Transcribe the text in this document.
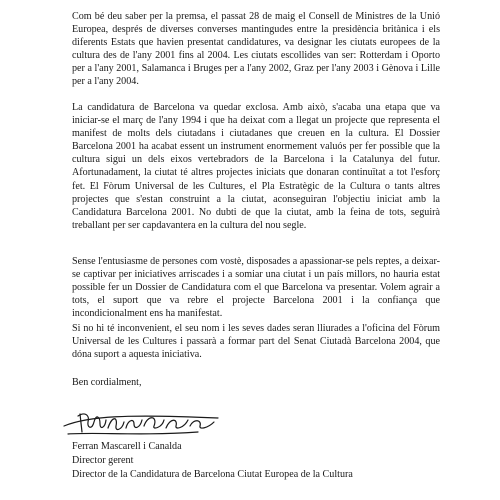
Com bé deu saber per la premsa, el passat 28 de maig el Consell de Ministres de la Unió Europea, després de diverses converses mantingudes entre la presidència britànica i els diferents Estats que havien presentat candidatures, va designar les ciutats europees de la cultura des de l'any 2001 fins al 2004. Les ciutats escollides van ser: Rotterdam i Oporto per a l'any 2001, Salamanca i Bruges per a l'any 2002, Graz per l'any 2003 i Gènova i Lille per a l'any 2004.

La candidatura de Barcelona va quedar exclosa. Amb això, s'acaba una etapa que va iniciar-se el març de l'any 1994 i que ha deixat com a llegat un projecte que representa el manifest de molts dels ciutadans i ciutadanes que creuen en la cultura. El Dossier Barcelona 2001 ha acabat essent un instrument enormement valuós per fer possible que la cultura sigui un dels eixos vertebradors de la Barcelona i la Catalunya del futur. Afortunadament, la ciutat té altres projectes iniciats que donaran continuïtat a tot l'esforç fet. El Fòrum Universal de les Cultures, el Pla Estratègic de la Cultura o tants altres projectes que s'estan construint a la ciutat, aconseguiran l'objectiu iniciat amb la Candidatura Barcelona 2001. No dubti de que la ciutat, amb la feina de tots, seguirà treballant per ser capdavantera en la cultura del nou segle.

Sense l'entusiasme de persones com vostè, disposades a apassionar-se pels reptes, a deixar-se captivar per iniciatives arriscades i a somiar una ciutat i un país millors, no hauria estat possible fer un Dossier de Candidatura com el que Barcelona va presentar. Volem agrair a tots, el suport que va rebre el projecte Barcelona 2001 i la confiança que incondicionalment ens ha manifestat.

Si no hi té inconvenient, el seu nom i les seves dades seran lliurades a l'oficina del Fòrum Universal de les Cultures i passarà a formar part del Senat Ciutadà Barcelona 2004, que dóna suport a aquesta iniciativa.

Ben cordialment,

Ferran Mascarell i Canalda

Director gerent

Director de la Candidatura de Barcelona Ciutat Europea de la Cultura
